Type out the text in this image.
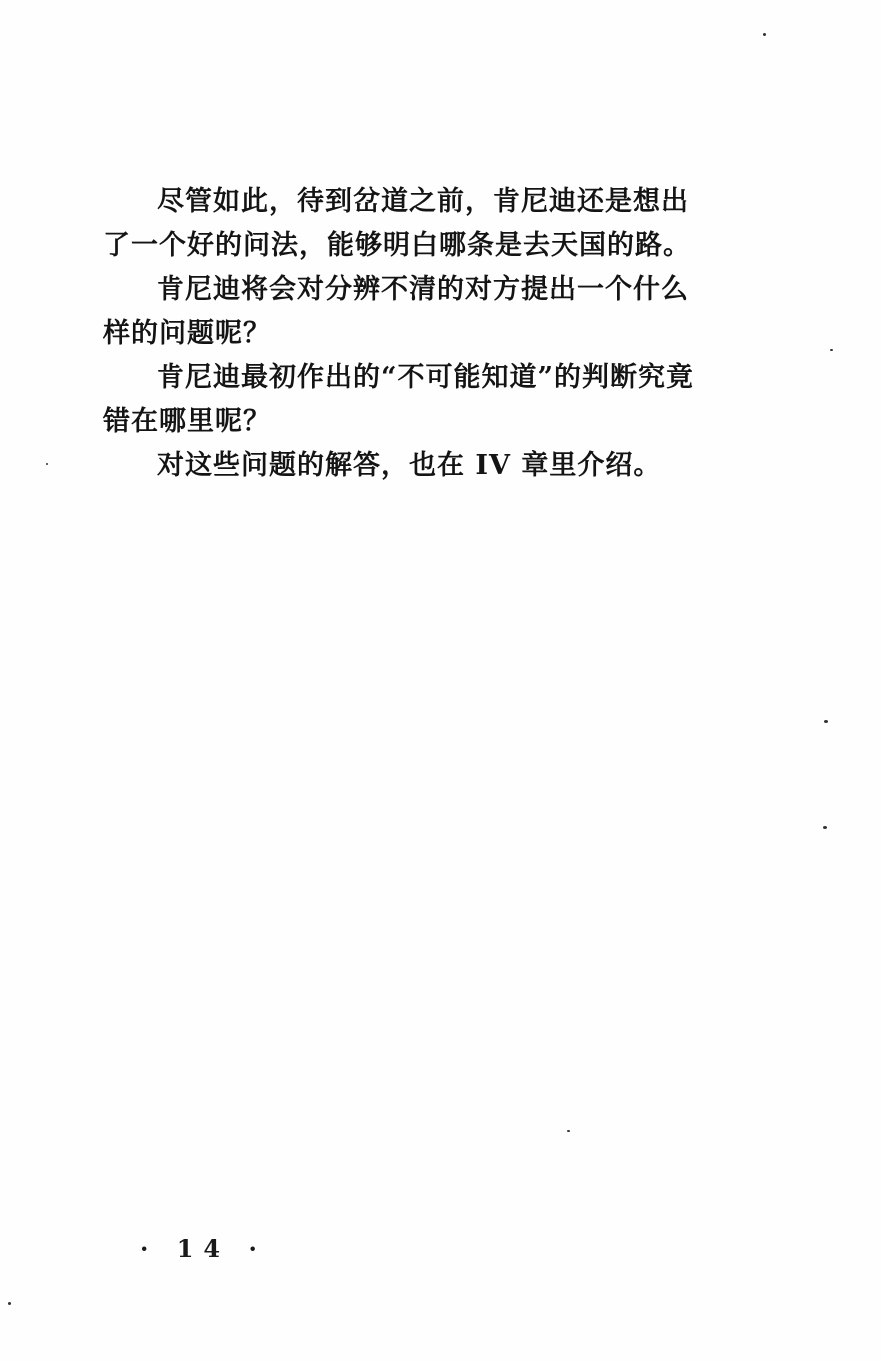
尽管如此，待到岔道之前，肯尼迪还是想出了一个好的问法，能够明白哪条是去天国的路。

肯尼迪将会对分辨不清的对方提出一个什么样的问题呢？

肯尼迪最初作出的“不可能知道”的判断究竟错在哪里呢？

对这些问题的解答，也在 IV 章里介绍。

· 14 ·
